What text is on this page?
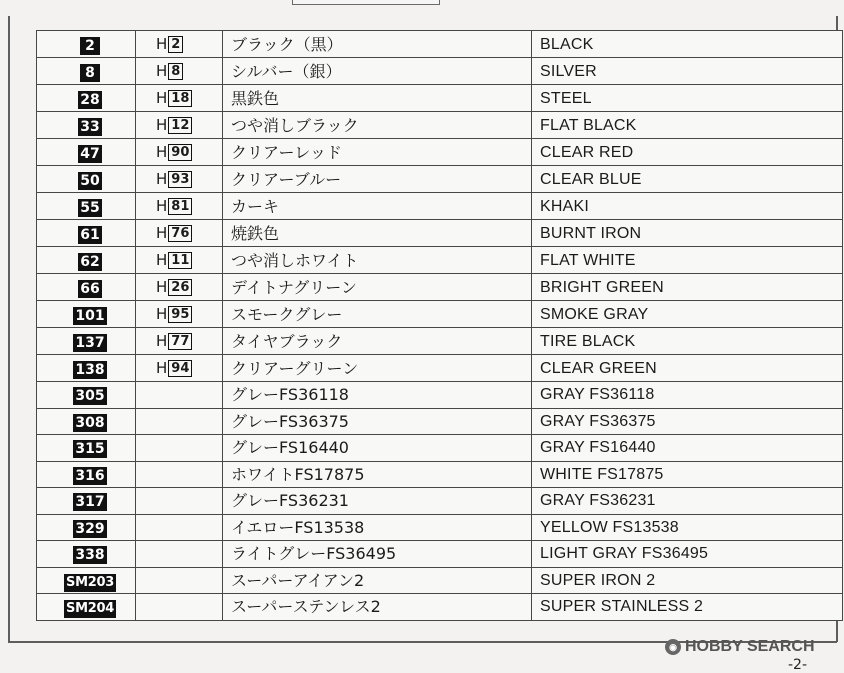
2	H 2	ブラック（黒）	BLACK
8	H 8	シルバー（銀）	SILVER
28	H 18	黒鉄色	STEEL
33	H 12	つや消しブラック	FLAT BLACK
47	H 90	クリアーレッド	CLEAR RED
50	H 93	クリアーブルー	CLEAR BLUE
55	H 81	カーキ	KHAKI
61	H 76	焼鉄色	BURNT IRON
62	H 11	つや消しホワイト	FLAT WHITE
66	H 26	デイトナグリーン	BRIGHT GREEN
101	H 95	スモークグレー	SMOKE GRAY
137	H 77	タイヤブラック	TIRE BLACK
138	H 94	クリアーグリーン	CLEAR GREEN
305		グレーFS36118	GRAY FS36118
308		グレーFS36375	GRAY FS36375
315		グレーFS16440	GRAY FS16440
316		ホワイトFS17875	WHITE FS17875
317		グレーFS36231	GRAY FS36231
329		イエローFS13538	YELLOW FS13538
338		ライトグレーFS36495	LIGHT GRAY FS36495
SM203		スーパーアイアン2	SUPER IRON 2
SM204		スーパーステンレス2	SUPER STAINLESS 2
◉ HOBBY SEARCH
-2-
